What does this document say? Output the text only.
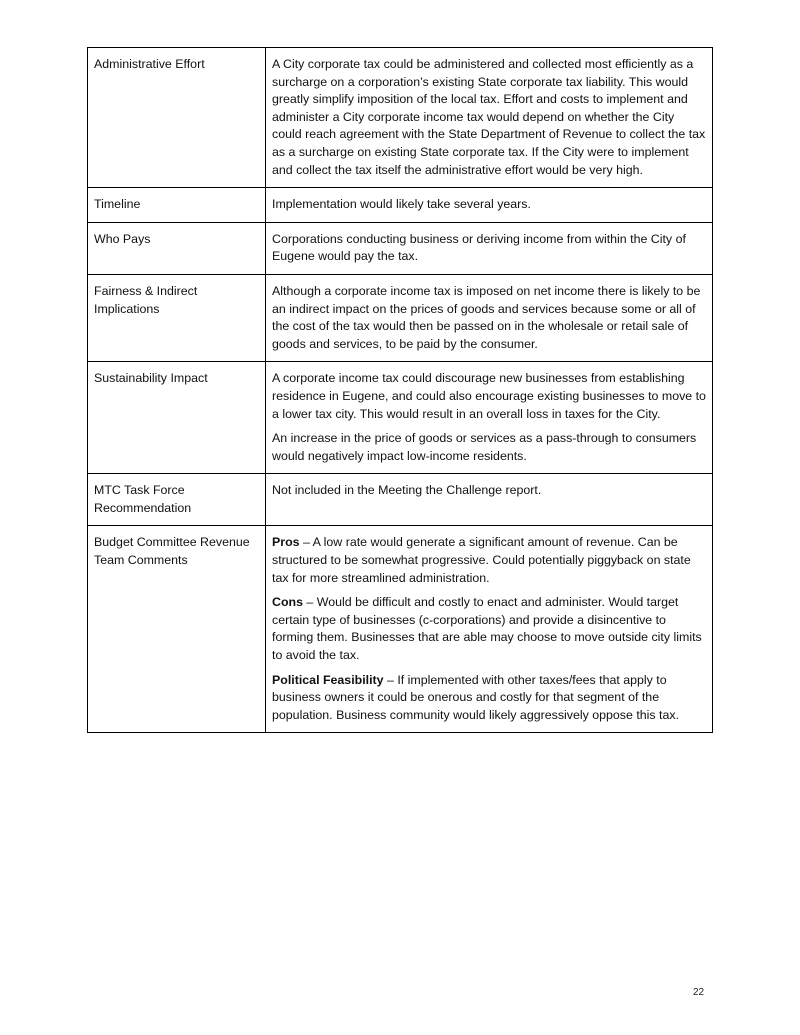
Administrative Effort	A City corporate tax could be administered and collected most efficiently as a surcharge on a corporation’s existing State corporate tax liability. This would greatly simplify imposition of the local tax. Effort and costs to implement and administer a City corporate income tax would depend on whether the City could reach agreement with the State Department of Revenue to collect the tax as a surcharge on existing State corporate tax. If the City were to implement and collect the tax itself the administrative effort would be very high.

Timeline	Implementation would likely take several years.

Who Pays	Corporations conducting business or deriving income from within the City of Eugene would pay the tax.

Fairness & Indirect Implications	Although a corporate income tax is imposed on net income there is likely to be an indirect impact on the prices of goods and services because some or all of the cost of the tax would then be passed on in the wholesale or retail sale of goods and services, to be paid by the consumer.

Sustainability Impact	A corporate income tax could discourage new businesses from establishing residence in Eugene, and could also encourage existing businesses to move to a lower tax city. This would result in an overall loss in taxes for the City.

An increase in the price of goods or services as a pass-through to consumers would negatively impact low-income residents.

MTC Task Force Recommendation	Not included in the Meeting the Challenge report.

Budget Committee Revenue Team Comments	Pros – A low rate would generate a significant amount of revenue. Can be structured to be somewhat progressive. Could potentially piggyback on state tax for more streamlined administration.

Cons – Would be difficult and costly to enact and administer. Would target certain type of businesses (c-corporations) and provide a disincentive to forming them. Businesses that are able may choose to move outside city limits to avoid the tax.

Political Feasibility – If implemented with other taxes/fees that apply to business owners it could be onerous and costly for that segment of the population. Business community would likely aggressively oppose this tax.

22
